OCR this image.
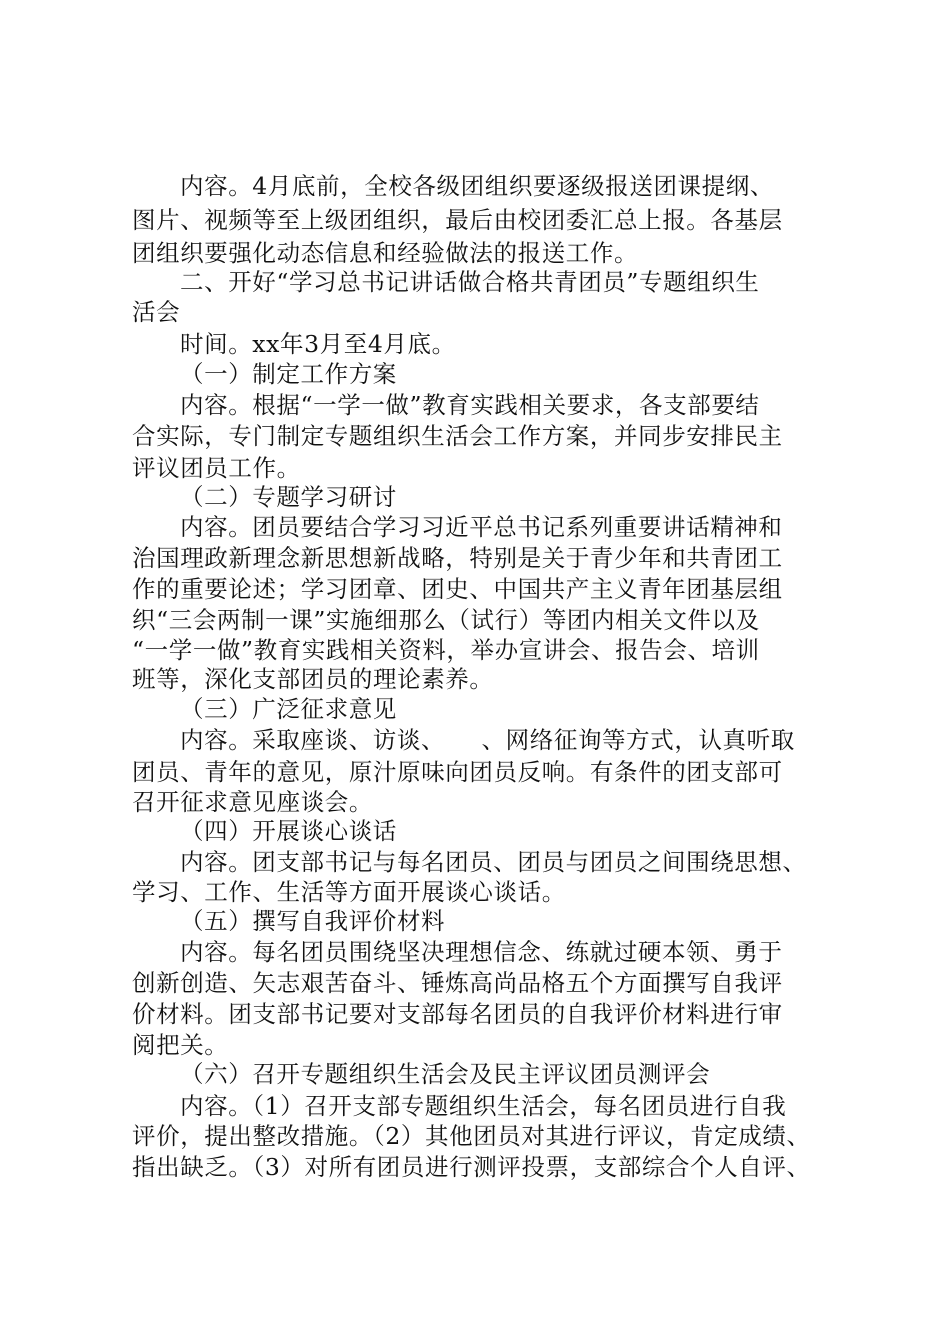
内容。4月底前，全校各级团组织要逐级报送团课提纲、
图片、视频等至上级团组织，最后由校团委汇总上报。各基层
团组织要强化动态信息和经验做法的报送工作。
二、开好“学习总书记讲话做合格共青团员”专题组织生
活会
时间。xx年3月至4月底。
（一）制定工作方案
内容。根据“一学一做”教育实践相关要求，各支部要结
合实际，专门制定专题组织生活会工作方案，并同步安排民主
评议团员工作。
（二）专题学习研讨
内容。团员要结合学习习近平总书记系列重要讲话精神和
治国理政新理念新思想新战略，特别是关于青少年和共青团工
作的重要论述；学习团章、团史、中国共产主义青年团基层组
织“三会两制一课”实施细那么（试行）等团内相关文件以及
“一学一做”教育实践相关资料，举办宣讲会、报告会、培训
班等，深化支部团员的理论素养。
（三）广泛征求意见
内容。采取座谈、访谈、　　、网络征询等方式，认真听取
团员、青年的意见，原汁原味向团员反响。有条件的团支部可
召开征求意见座谈会。
（四）开展谈心谈话
内容。团支部书记与每名团员、团员与团员之间围绕思想、
学习、工作、生活等方面开展谈心谈话。
（五）撰写自我评价材料
内容。每名团员围绕坚决理想信念、练就过硬本领、勇于
创新创造、矢志艰苦奋斗、锤炼高尚品格五个方面撰写自我评
价材料。团支部书记要对支部每名团员的自我评价材料进行审
阅把关。
（六）召开专题组织生活会及民主评议团员测评会
内容。（1）召开支部专题组织生活会，每名团员进行自我
评价，提出整改措施。（2）其他团员对其进行评议，肯定成绩、
指出缺乏。（3）对所有团员进行测评投票，支部综合个人自评、
